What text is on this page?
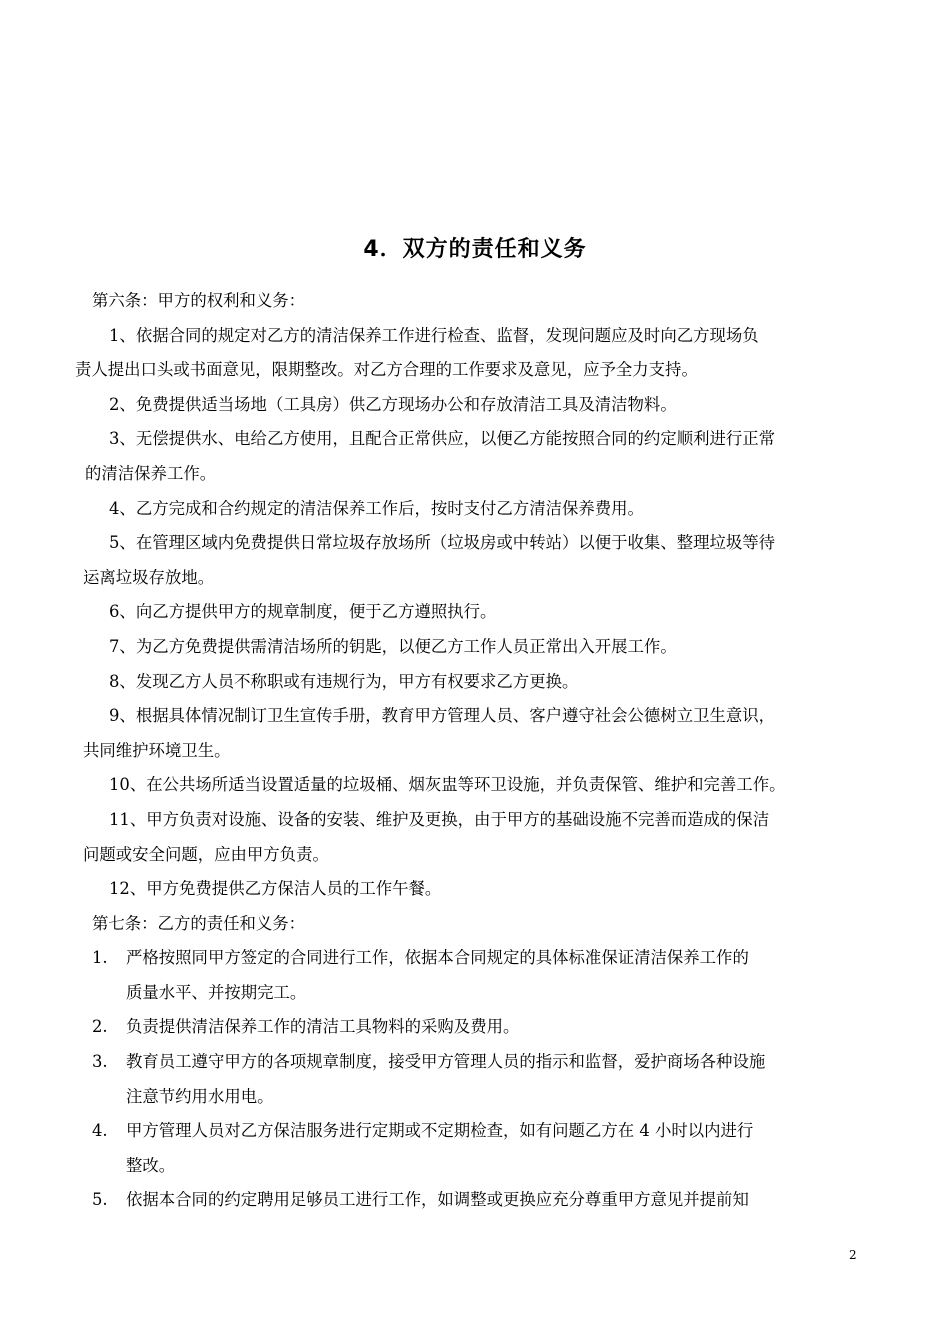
4．双方的责任和义务

第六条：甲方的权利和义务：

1、依据合同的规定对乙方的清洁保养工作进行检查、监督，发现问题应及时向乙方现场负
责人提出口头或书面意见，限期整改。对乙方合理的工作要求及意见，应予全力支持。

2、免费提供适当场地（工具房）供乙方现场办公和存放清洁工具及清洁物料。

3、无偿提供水、电给乙方使用，且配合正常供应，以便乙方能按照合同的约定顺利进行正常
的清洁保养工作。

4、乙方完成和合约规定的清洁保养工作后，按时支付乙方清洁保养费用。

5、在管理区域内免费提供日常垃圾存放场所（垃圾房或中转站）以便于收集、整理垃圾等待
运离垃圾存放地。

6、向乙方提供甲方的规章制度，便于乙方遵照执行。

7、为乙方免费提供需清洁场所的钥匙，以便乙方工作人员正常出入开展工作。

8、发现乙方人员不称职或有违规行为，甲方有权要求乙方更换。

9、根据具体情况制订卫生宣传手册，教育甲方管理人员、客户遵守社会公德树立卫生意识，
共同维护环境卫生。

10、在公共场所适当设置适量的垃圾桶、烟灰盅等环卫设施，并负责保管、维护和完善工作。

11、甲方负责对设施、设备的安装、维护及更换，由于甲方的基础设施不完善而造成的保洁
问题或安全问题，应由甲方负责。

12、甲方免费提供乙方保洁人员的工作午餐。

第七条：乙方的责任和义务：

1. 严格按照同甲方签定的合同进行工作，依据本合同规定的具体标准保证清洁保养工作的
质量水平、并按期完工。
2. 负责提供清洁保养工作的清洁工具物料的采购及费用。
3. 教育员工遵守甲方的各项规章制度，接受甲方管理人员的指示和监督，爱护商场各种设施
注意节约用水用电。
4. 甲方管理人员对乙方保洁服务进行定期或不定期检查，如有问题乙方在 4 小时以内进行
整改。
5. 依据本合同的约定聘用足够员工进行工作，如调整或更换应充分尊重甲方意见并提前知
2
